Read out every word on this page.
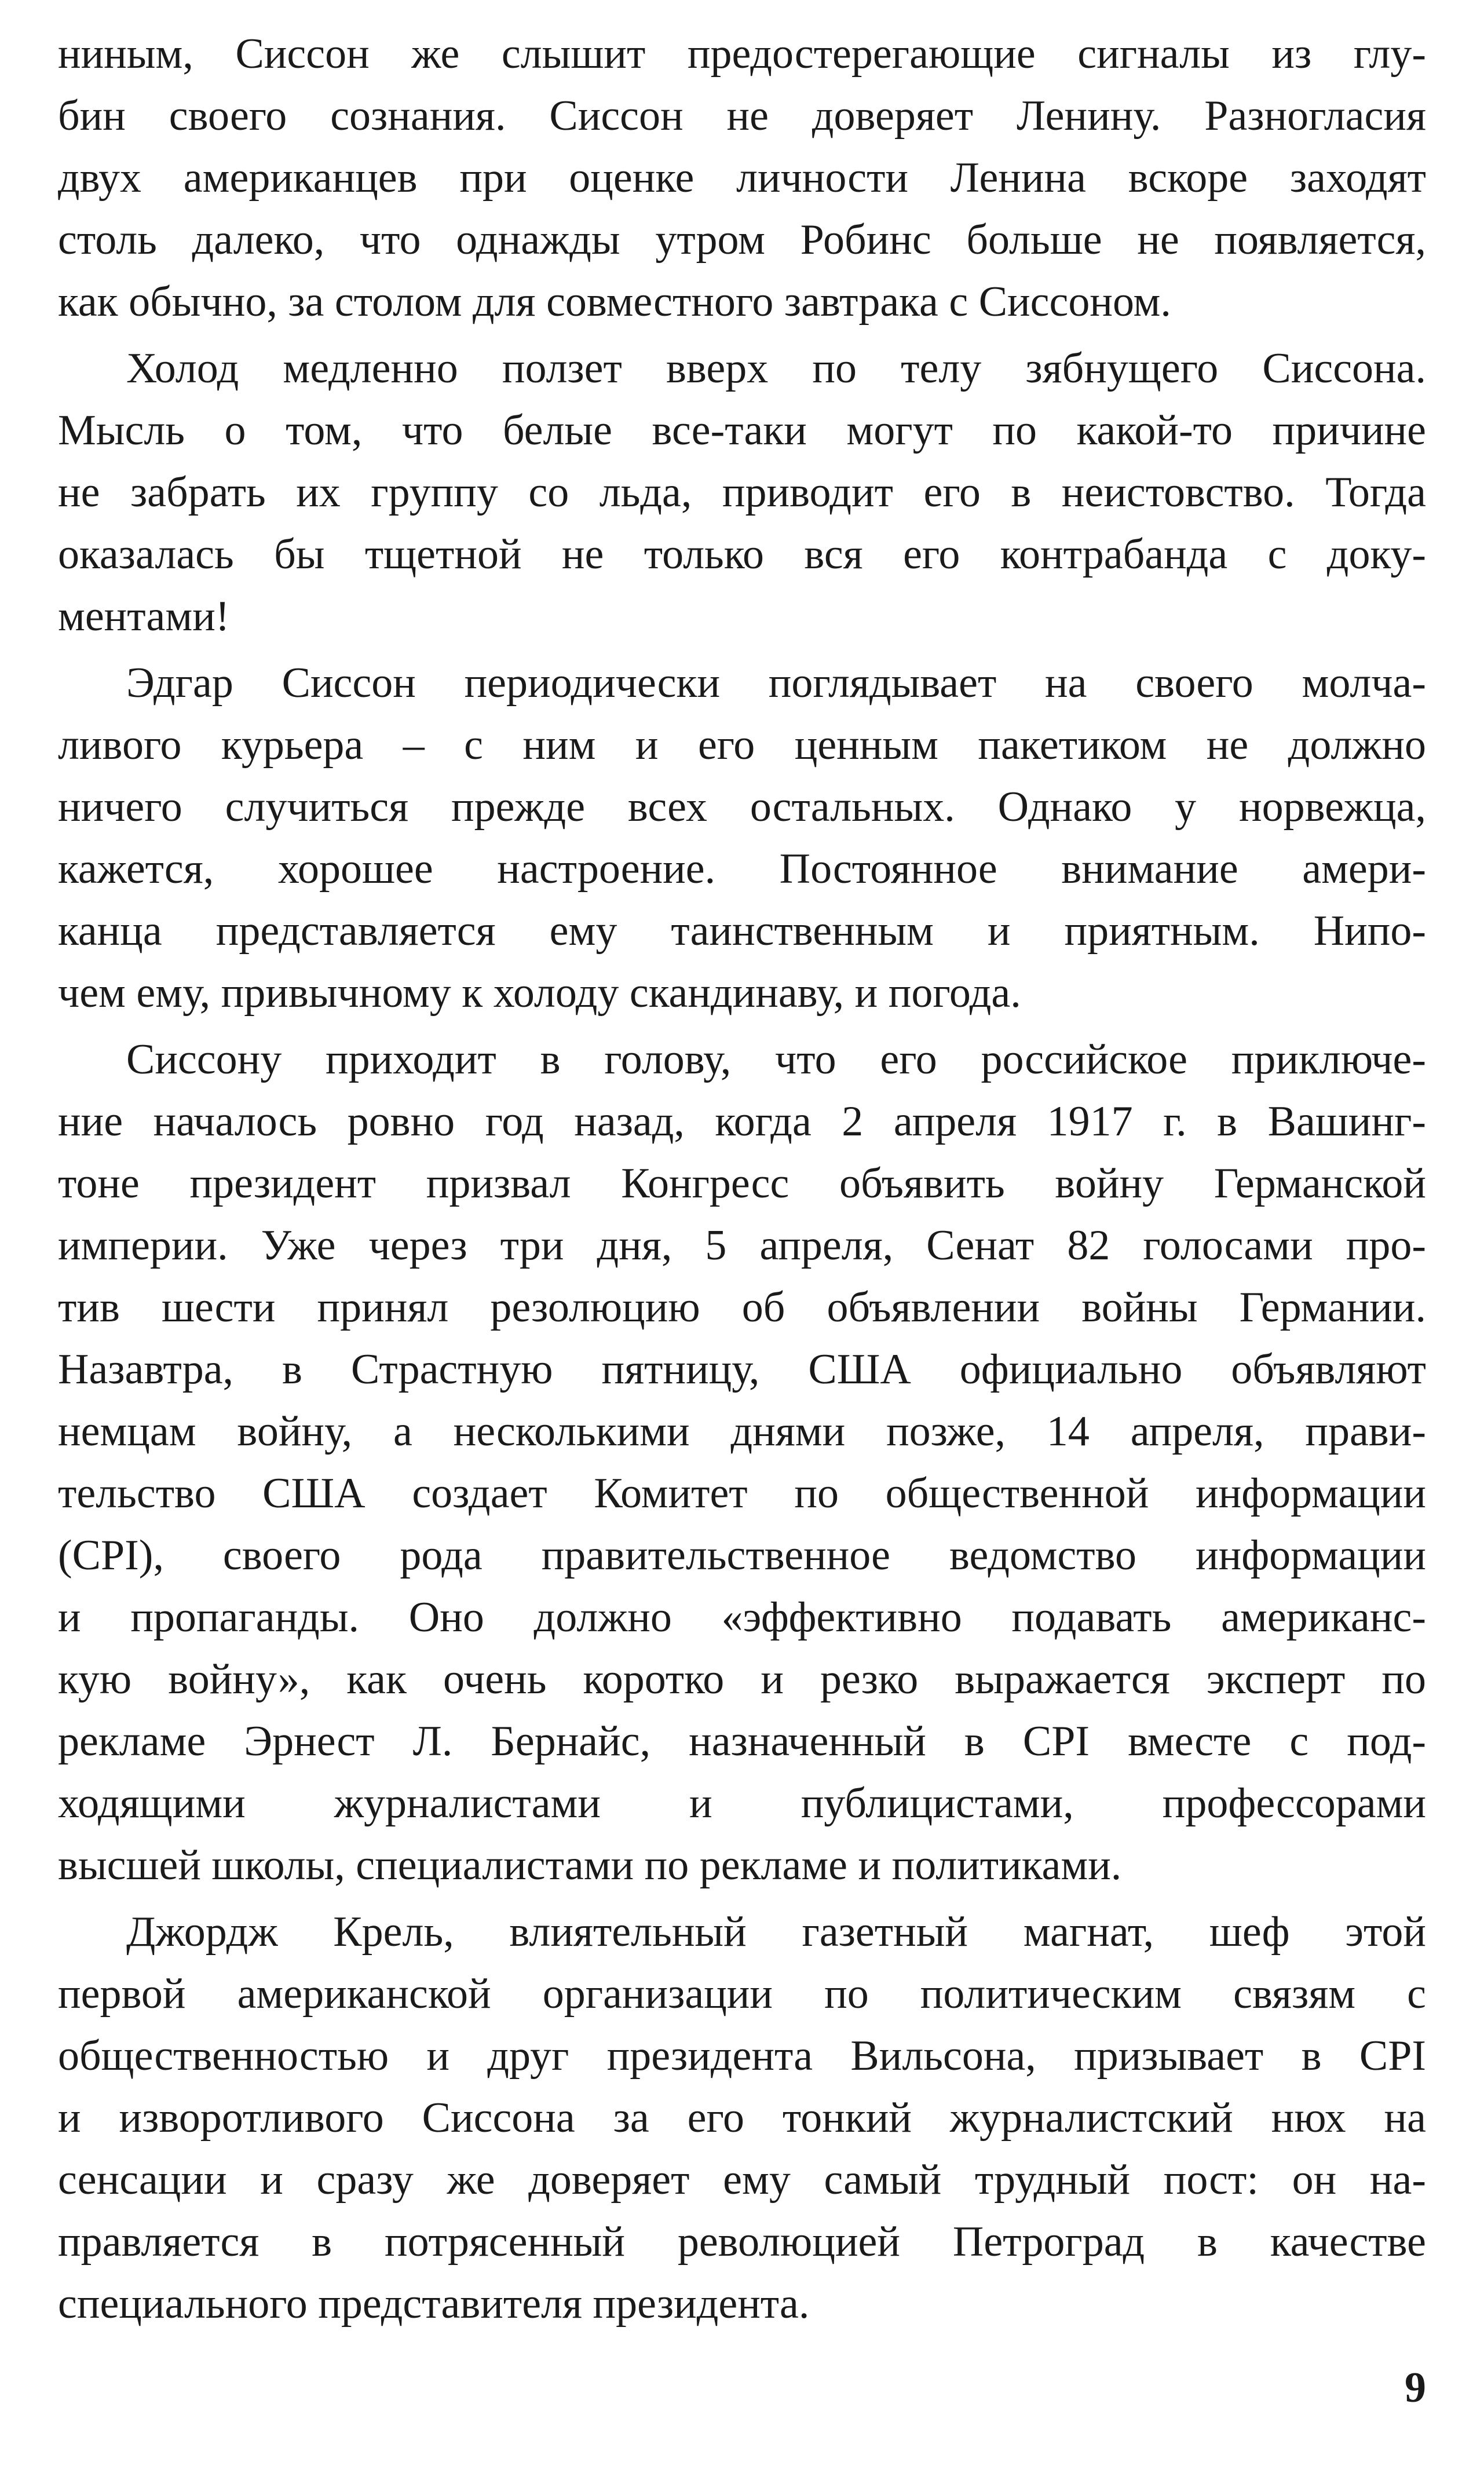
ниным, Сиссон же слышит предостерегающие сигналы из глу-
бин своего сознания. Сиссон не доверяет Ленину. Разногласия
двух американцев при оценке личности Ленина вскоре заходят
столь далеко, что однажды утром Робинс больше не появляется,
как обычно, за столом для совместного завтрака с Сиссоном.
Холод медленно ползет вверх по телу зябнущего Сиссона.
Мысль о том, что белые все-таки могут по какой-то причине
не забрать их группу со льда, приводит его в неистовство. Тогда
оказалась бы тщетной не только вся его контрабанда с доку-
ментами!
Эдгар Сиссон периодически поглядывает на своего молча-
ливого курьера – с ним и его ценным пакетиком не должно
ничего случиться прежде всех остальных. Однако у норвежца,
кажется, хорошее настроение. Постоянное внимание амери-
канца представляется ему таинственным и приятным. Нипо-
чем ему, привычному к холоду скандинаву, и погода.
Сиссону приходит в голову, что его российское приключе-
ние началось ровно год назад, когда 2 апреля 1917 г. в Вашинг-
тоне президент призвал Конгресс объявить войну Германской
империи. Уже через три дня, 5 апреля, Сенат 82 голосами про-
тив шести принял резолюцию об объявлении войны Германии.
Назавтра, в Страстную пятницу, США официально объявляют
немцам войну, а несколькими днями позже, 14 апреля, прави-
тельство США создает Комитет по общественной информации
(CPI), своего рода правительственное ведомство информации
и пропаганды. Оно должно «эффективно подавать американс-
кую войну», как очень коротко и резко выражается эксперт по
рекламе Эрнест Л. Бернайс, назначенный в CPI вместе с под-
ходящими журналистами и публицистами, профессорами
высшей школы, специалистами по рекламе и политиками.
Джордж Крель, влиятельный газетный магнат, шеф этой
первой американской организации по политическим связям с
общественностью и друг президента Вильсона, призывает в CPI
и изворотливого Сиссона за его тонкий журналистский нюх на
сенсации и сразу же доверяет ему самый трудный пост: он на-
правляется в потрясенный революцией Петроград в качестве
специального представителя президента.
9
